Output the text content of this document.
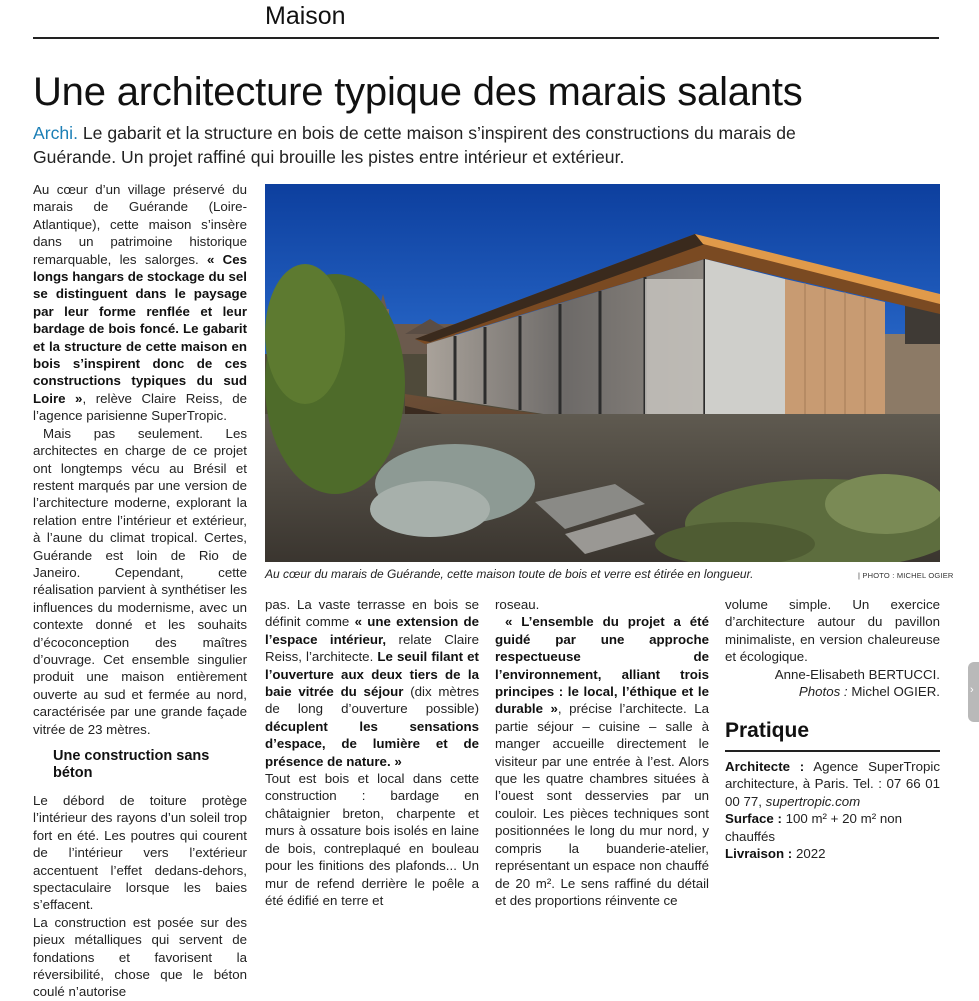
Maison
Une architecture typique des marais salants
Archi. Le gabarit et la structure en bois de cette maison s’inspirent des constructions du marais de Guérande. Un projet raffiné qui brouille les pistes entre intérieur et extérieur.

Au cœur d’un village préservé du marais de Guérande (Loire-Atlantique), cette maison s’insère dans un patrimoine historique remarquable, les salorges. « Ces longs hangars de stockage du sel se distinguent dans le paysage par leur forme renflée et leur bardage de bois foncé. Le gabarit et la structure de cette maison en bois s’inspirent donc de ces constructions typiques du sud Loire », relève Claire Reiss, de l’agence parisienne SuperTropic.

Mais pas seulement. Les architectes en charge de ce projet ont longtemps vécu au Brésil et restent marqués par une version de l’architecture moderne, explorant la relation entre l’intérieur et extérieur, à l’aune du climat tropical. Certes, Guérande est loin de Rio de Janeiro. Cependant, cette réalisation parvient à synthétiser les influences du modernisme, avec un contexte donné et les souhaits d’écoconception des maîtres d’ouvrage. Cet ensemble singulier produit une maison entièrement ouverte au sud et fermée au nord, caractérisée par une grande façade vitrée de 23 mètres.

Une construction sans béton

Le débord de toiture protège l’intérieur des rayons d’un soleil trop fort en été. Les poutres qui courent de l’intérieur vers l’extérieur accentuent l’effet dedans-dehors, spectaculaire lorsque les baies s’effacent.

La construction est posée sur des pieux métalliques qui servent de fondations et favorisent la réversibilité, chose que le béton coulé n’autorise

Au cœur du marais de Guérande, cette maison toute de bois et verre est étirée en longueur.	| PHOTO : MICHEL OGIER

pas. La vaste terrasse en bois se définit comme « une extension de l’espace intérieur, relate Claire Reiss, l’architecte. Le seuil filant et l’ouverture aux deux tiers de la baie vitrée du séjour (dix mètres de long d’ouverture possible) décuplent les sensations d’espace, de lumière et de présence de nature. »

Tout est bois et local dans cette construction : bardage en châtaignier breton, charpente et murs à ossature bois isolés en laine de bois, contreplaqué en bouleau pour les finitions des plafonds... Un mur de refend derrière le poêle a été édifié en terre et

roseau.

« L’ensemble du projet a été guidé par une approche respectueuse de l’environnement, alliant trois principes : le local, l’éthique et le durable », précise l’architecte. La partie séjour – cuisine – salle à manger accueille directement le visiteur par une entrée à l’est. Alors que les quatre chambres situées à l’ouest sont desservies par un couloir. Les pièces techniques sont positionnées le long du mur nord, y compris la buanderie-atelier, représentant un espace non chauffé de 20 m². Le sens raffiné du détail et des proportions réinvente ce

volume simple. Un exercice d’architecture autour du pavillon minimaliste, en version chaleureuse et écologique.

Anne-Elisabeth BERTUCCI.

Photos : Michel OGIER.

Pratique

Architecte : Agence SuperTropic architecture, à Paris. Tel. : 07 66 01 00 77, supertropic.com

Surface : 100 m² + 20 m² non chauffés

Livraison : 2022

›
